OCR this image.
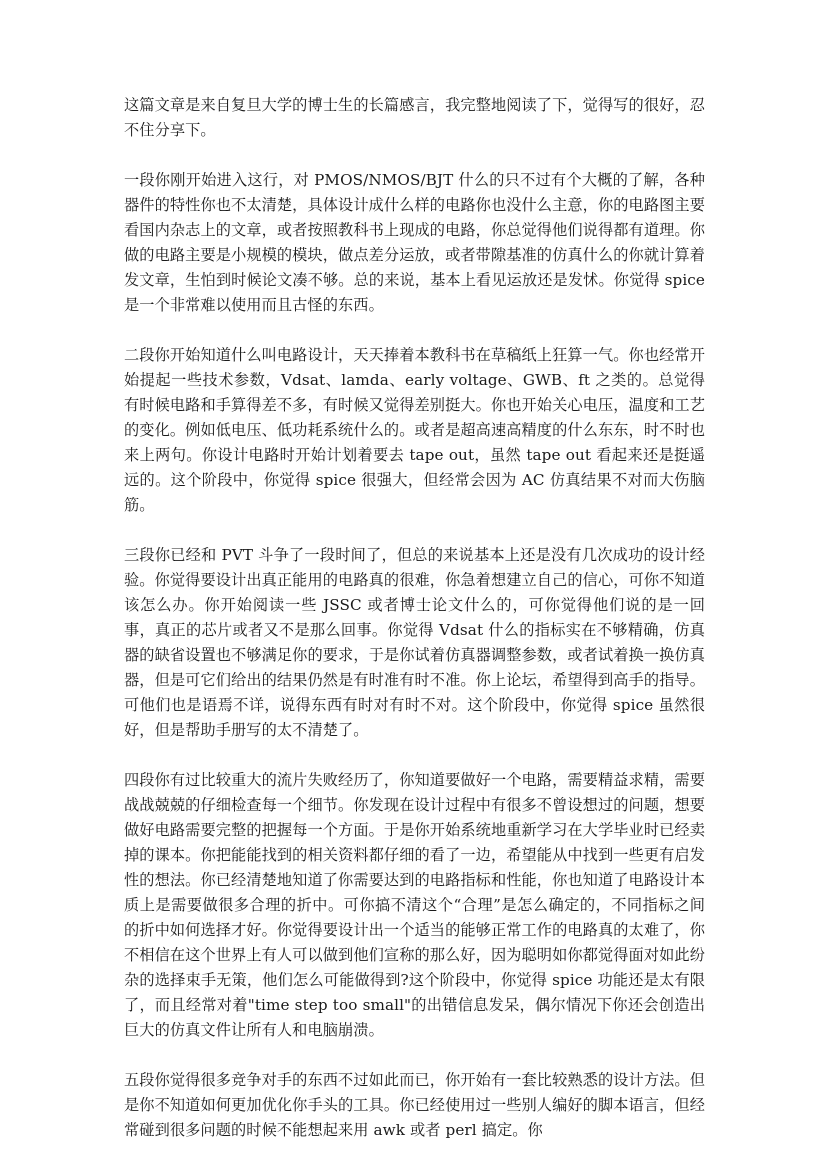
这篇文章是来自复旦大学的博士生的长篇感言，我完整地阅读了下，觉得写的很好，忍不住分享下。

一段你刚开始进入这行，对 PMOS/NMOS/BJT 什么的只不过有个大概的了解，各种器件的特性你也不太清楚，具体设计成什么样的电路你也没什么主意，你的电路图主要看国内杂志上的文章，或者按照教科书上现成的电路，你总觉得他们说得都有道理。你做的电路主要是小规模的模块，做点差分运放，或者带隙基准的仿真什么的你就计算着发文章，生怕到时候论文凑不够。总的来说，基本上看见运放还是发怵。你觉得 spice 是一个非常难以使用而且古怪的东西。

二段你开始知道什么叫电路设计，天天捧着本教科书在草稿纸上狂算一气。你也经常开始提起一些技术参数，Vdsat、lamda、early voltage、GWB、ft 之类的。总觉得有时候电路和手算得差不多，有时候又觉得差别挺大。你也开始关心电压，温度和工艺的变化。例如低电压、低功耗系统什么的。或者是超高速高精度的什么东东，时不时也来上两句。你设计电路时开始计划着要去 tape out，虽然 tape out 看起来还是挺遥远的。这个阶段中，你觉得 spice 很强大，但经常会因为 AC 仿真结果不对而大伤脑筋。

三段你已经和 PVT 斗争了一段时间了，但总的来说基本上还是没有几次成功的设计经验。你觉得要设计出真正能用的电路真的很难，你急着想建立自己的信心，可你不知道该怎么办。你开始阅读一些 JSSC 或者博士论文什么的，可你觉得他们说的是一回事，真正的芯片或者又不是那么回事。你觉得 Vdsat 什么的指标实在不够精确，仿真器的缺省设置也不够满足你的要求，于是你试着仿真器调整参数，或者试着换一换仿真器，但是可它们给出的结果仍然是有时准有时不准。你上论坛，希望得到高手的指导。可他们也是语焉不详，说得东西有时对有时不对。这个阶段中，你觉得 spice 虽然很好，但是帮助手册写的太不清楚了。

四段你有过比较重大的流片失败经历了，你知道要做好一个电路，需要精益求精，需要战战兢兢的仔细检查每一个细节。你发现在设计过程中有很多不曾设想过的问题，想要做好电路需要完整的把握每一个方面。于是你开始系统地重新学习在大学毕业时已经卖掉的课本。你把能能找到的相关资料都仔细的看了一边，希望能从中找到一些更有启发性的想法。你已经清楚地知道了你需要达到的电路指标和性能，你也知道了电路设计本质上是需要做很多合理的折中。可你搞不清这个“合理”是怎么确定的，不同指标之间的折中如何选择才好。你觉得要设计出一个适当的能够正常工作的电路真的太难了，你不相信在这个世界上有人可以做到他们宣称的那么好，因为聪明如你都觉得面对如此纷杂的选择束手无策，他们怎么可能做得到?这个阶段中，你觉得 spice 功能还是太有限了，而且经常对着"time step too small"的出错信息发呆，偶尔情况下你还会创造出巨大的仿真文件让所有人和电脑崩溃。

五段你觉得很多竞争对手的东西不过如此而已，你开始有一套比较熟悉的设计方法。但是你不知道如何更加优化你手头的工具。你已经使用过一些别人编好的脚本语言，但经常碰到很多问题的时候不能想起来用 awk 或者 perl 搞定。你
